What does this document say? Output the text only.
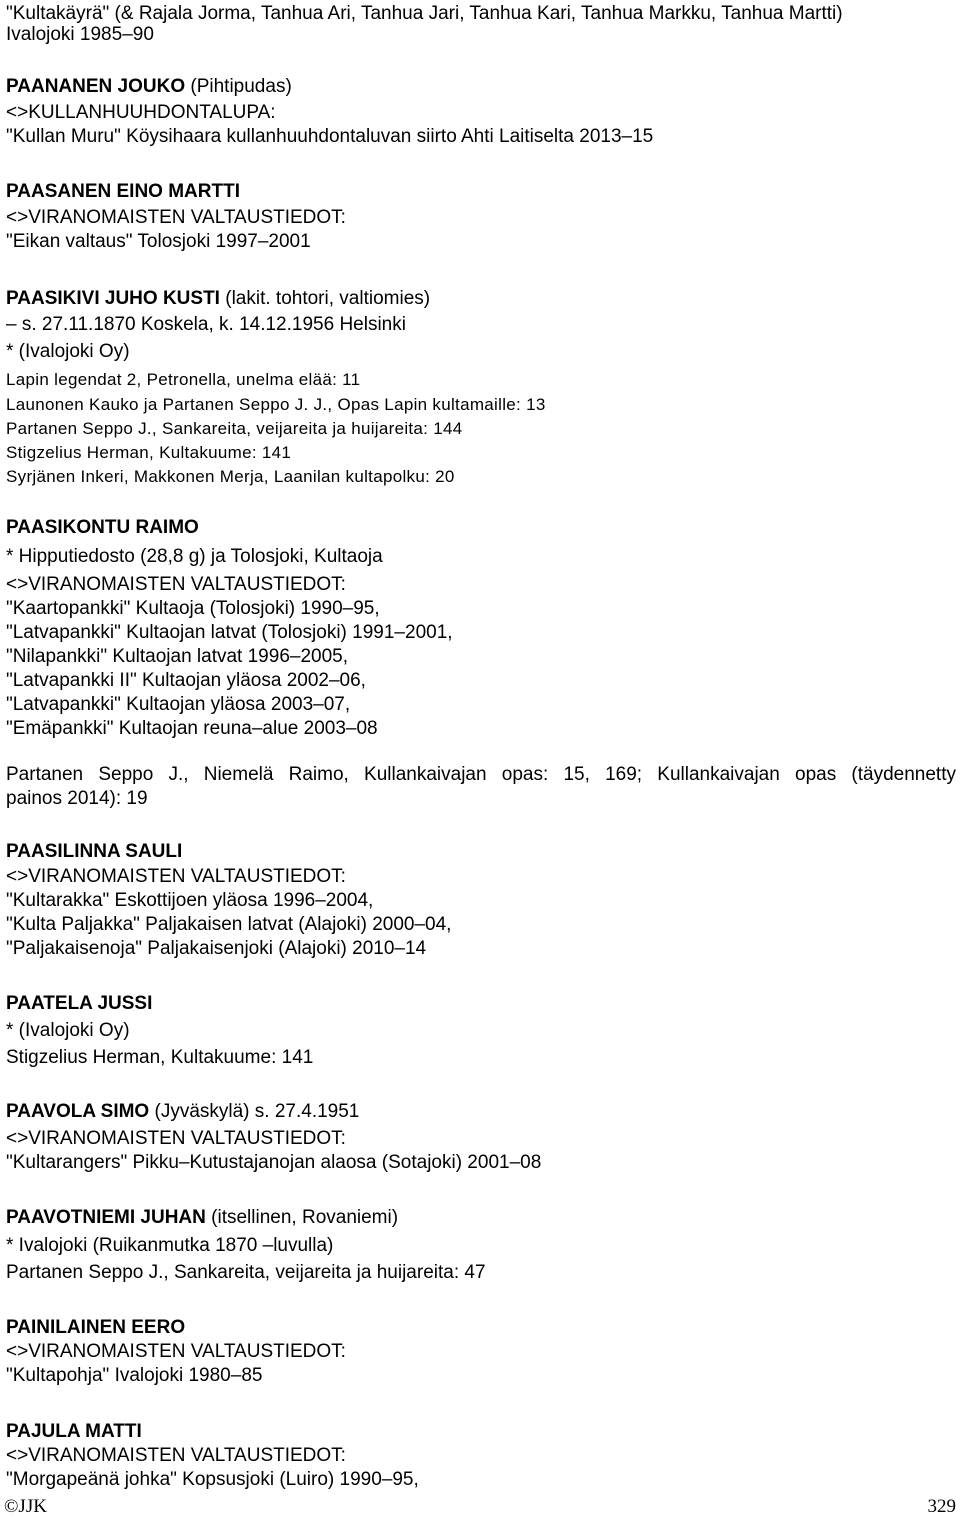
"Kultakäyrä" (& Rajala Jorma, Tanhua Ari, Tanhua Jari, Tanhua Kari, Tanhua Markku, Tanhua Martti)
Ivalojoki 1985–90
PAANANEN JOUKO (Pihtipudas)
<>KULLANHUUHDONTALUPA:
"Kullan Muru" Köysihaara kullanhuuhdontaluvan siirto Ahti Laitiselta 2013–15
PAASANEN EINO MARTTI
<>VIRANOMAISTEN VALTAUSTIEDOT:
"Eikan valtaus" Tolosjoki 1997–2001
PAASIKIVI JUHO KUSTI (lakit. tohtori, valtiomies)
– s. 27.11.1870 Koskela, k. 14.12.1956 Helsinki
* (Ivalojoki Oy)
Lapin legendat 2, Petronella, unelma elää: 11
Launonen Kauko ja Partanen Seppo J. J., Opas Lapin kultamaille: 13
Partanen Seppo J., Sankareita, veijareita ja huijareita: 144
Stigzelius Herman, Kultakuume: 141
Syrjänen Inkeri, Makkonen Merja, Laanilan kultapolku: 20
PAASIKONTU RAIMO
* Hipputiedosto (28,8 g) ja Tolosjoki, Kultaoja
<>VIRANOMAISTEN VALTAUSTIEDOT:
"Kaartopankki" Kultaoja (Tolosjoki) 1990–95,
"Latvapankki" Kultaojan latvat (Tolosjoki) 1991–2001,
"Nilapankki" Kultaojan latvat 1996–2005,
"Latvapankki II" Kultaojan yläosa 2002–06,
"Latvapankki" Kultaojan yläosa 2003–07,
"Emäpankki" Kultaojan reuna–alue 2003–08
Partanen Seppo J., Niemelä Raimo, Kullankaivajan opas: 15, 169; Kullankaivajan opas (täydennetty
painos 2014): 19
PAASILINNA SAULI
<>VIRANOMAISTEN VALTAUSTIEDOT:
"Kultarakka" Eskottijoen yläosa 1996–2004,
"Kulta Paljakka" Paljakaisen latvat (Alajoki) 2000–04,
"Paljakaisenoja" Paljakaisenjoki (Alajoki) 2010–14
PAATELA JUSSI
* (Ivalojoki Oy)
Stigzelius Herman, Kultakuume: 141
PAAVOLA SIMO (Jyväskylä) s. 27.4.1951
<>VIRANOMAISTEN VALTAUSTIEDOT:
"Kultarangers" Pikku–Kutustajanojan alaosa (Sotajoki) 2001–08
PAAVOTNIEMI JUHAN (itsellinen, Rovaniemi)
* Ivalojoki (Ruikanmutka 1870 –luvulla)
Partanen Seppo J., Sankareita, veijareita ja huijareita: 47
PAINILAINEN EERO
<>VIRANOMAISTEN VALTAUSTIEDOT:
"Kultapohja" Ivalojoki 1980–85
PAJULA MATTI
<>VIRANOMAISTEN VALTAUSTIEDOT:
"Morgapeänä johka" Kopsusjoki (Luiro) 1990–95,
©JJK	329
